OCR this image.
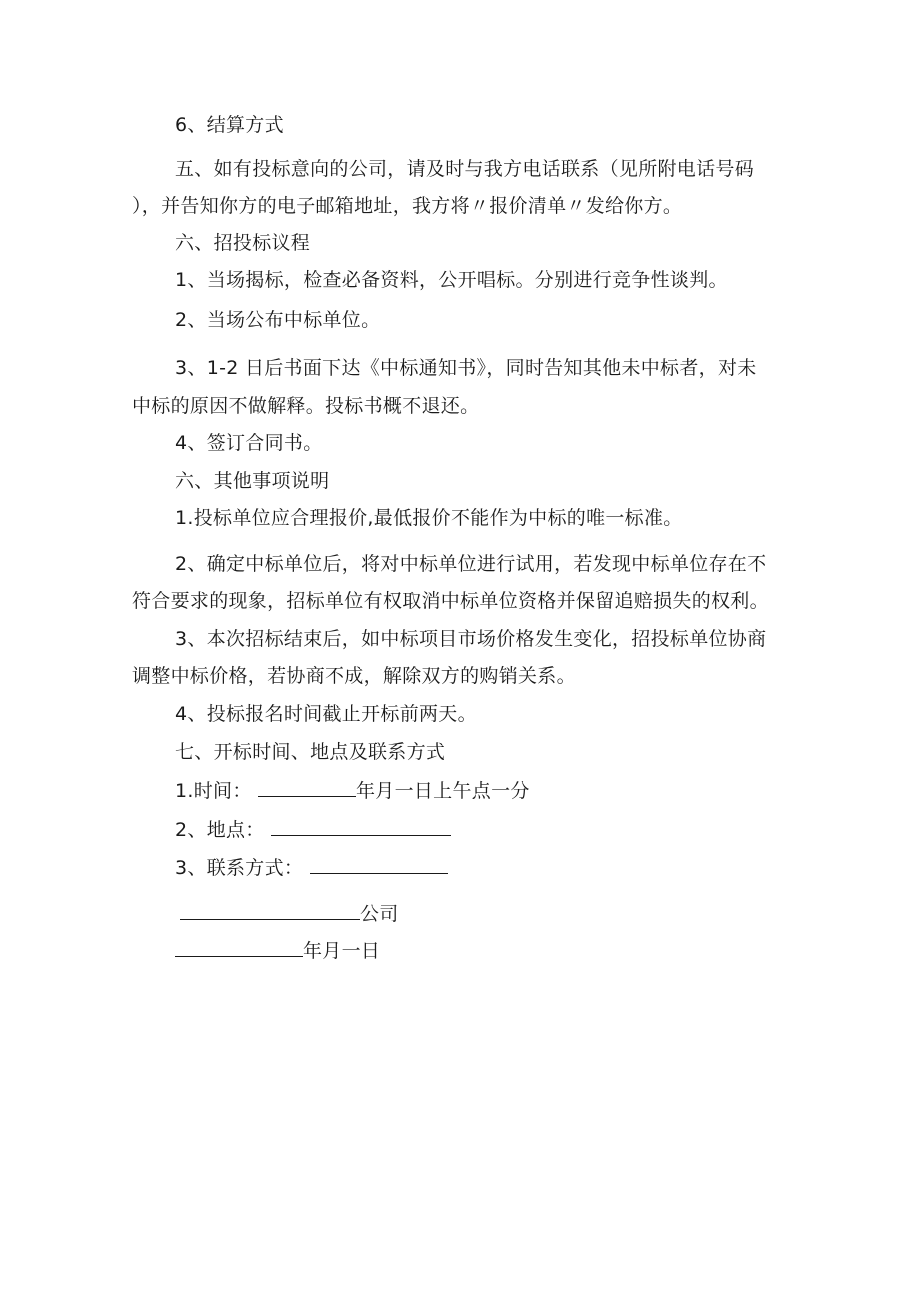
6、结算方式
五、如有投标意向的公司，请及时与我方电话联系（见所附电话号码
），并告知你方的电子邮箱地址，我方将〃报价清单〃发给你方。
六、招投标议程
1、当场揭标，检查必备资料，公开唱标。分别进行竞争性谈判。
2、当场公布中标单位。
3、1-2 日后书面下达《中标通知书》，同时告知其他未中标者，对未
中标的原因不做解释。投标书概不退还。
4、签订合同书。
六、其他事项说明
1.投标单位应合理报价,最低报价不能作为中标的唯一标准。
2、确定中标单位后，将对中标单位进行试用，若发现中标单位存在不
符合要求的现象，招标单位有权取消中标单位资格并保留追赔损失的权利。
3、本次招标结束后，如中标项目市场价格发生变化，招投标单位协商
调整中标价格，若协商不成，解除双方的购销关系。
4、投标报名时间截止开标前两天。
七、开标时间、地点及联系方式
1.时间：	年月一日上午点一分
2、地点：
3、联系方式：
公司
年月一日
